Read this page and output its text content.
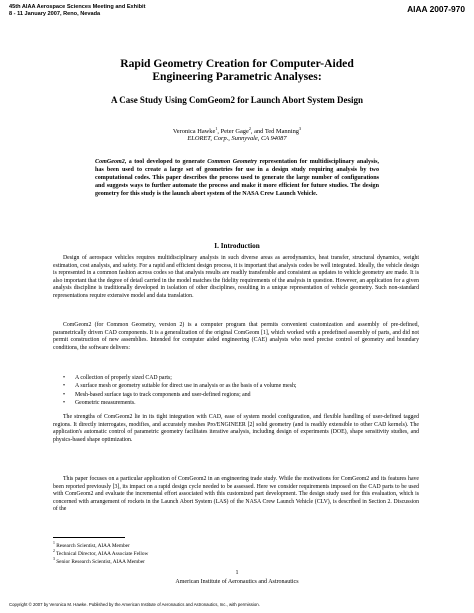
45th AIAA Aerospace Sciences Meeting and Exhibit
8 - 11 January 2007, Reno, Nevada	AIAA 2007-970
Rapid Geometry Creation for Computer-Aided
Engineering Parametric Analyses:
A Case Study Using ComGeom2 for Launch Abort System Design
Veronica Hawke$^1$, Peter Gage$^2$, and Ted Manning$^3$
ELORET, Corp., Sunnyvale, CA 94087
ComGeom2, a tool developed to generate Common Geometry representation for multidisciplinary analysis, has been used to create a large set of geometries for use in a design study requiring analysis by two computational codes. This paper describes the process used to generate the large number of configurations and suggests ways to further automate the process and make it more efficient for future studies. The design geometry for this study is the launch abort system of the NASA Crew Launch Vehicle.
I. Introduction

Design of aerospace vehicles requires multidisciplinary analysis in such diverse areas as aerodynamics, heat transfer, structural dynamics, weight estimation, cost analysis, and safety. For a rapid and efficient design process, it is important that analysis codes be well integrated. Ideally, the vehicle design is represented in a common fashion across codes so that analysis results are readily transferable and consistent as updates to vehicle geometry are made. It is also important that the degree of detail carried in the model matches the fidelity requirements of the analysis in question. However, an application for a given analysis discipline is traditionally developed in isolation of other disciplines, resulting in a unique representation of vehicle geometry. Such non-standard representations require extensive model and data translation.

ComGeom2 (for Common Geometry, version 2) is a computer program that permits convenient customization and assembly of pre-defined, parametrically driven CAD components. It is a generalization of the original ComGeom [1], which worked with a predefined assembly of parts, and did not permit construction of new assemblies. Intended for computer aided engineering (CAE) analysts who need precise control of geometry and boundary conditions, the software delivers:

• A collection of properly sized CAD parts;
• A surface mesh or geometry suitable for direct use in analysis or as the basis of a volume mesh;
• Mesh-based surface tags to track components and user-defined regions; and
• Geometric measurements.

The strengths of ComGeom2 lie in its tight integration with CAD, ease of system model configuration, and flexible handling of user-defined tagged regions. It directly interrogates, modifies, and accurately meshes Pro/ENGINEER [2] solid geometry (and is readily extensible to other CAD kernels). The application's automatic control of parametric geometry facilitates iterative analysis, including design of experiments (DOE), shape sensitivity studies, and physics-based shape optimization.

This paper focuses on a particular application of ComGeom2 in an engineering trade study. While the motivations for ComGeom2 and its features have been reported previously [3], its impact on a rapid design cycle needed to be assessed. Here we consider requirements imposed on the CAD parts to be used with ComGeom2 and evaluate the incremental effort associated with this customized part development. The design study used for this evaluation, which is concerned with arrangement of rockets in the Launch Abort System (LAS) of the NASA Crew Launch Vehicle (CLV), is described in Section 2. Discussion of the

$^1$ Research Scientist, AIAA Member
$^2$ Technical Director, AIAA Associate Fellow
$^3$ Senior Research Scientist, AIAA Member
1
American Institute of Aeronautics and Astronautics
Copyright © 2007 by Veronica M. Hawke. Published by the American Institute of Aeronautics and Astronautics, Inc., with permission.
